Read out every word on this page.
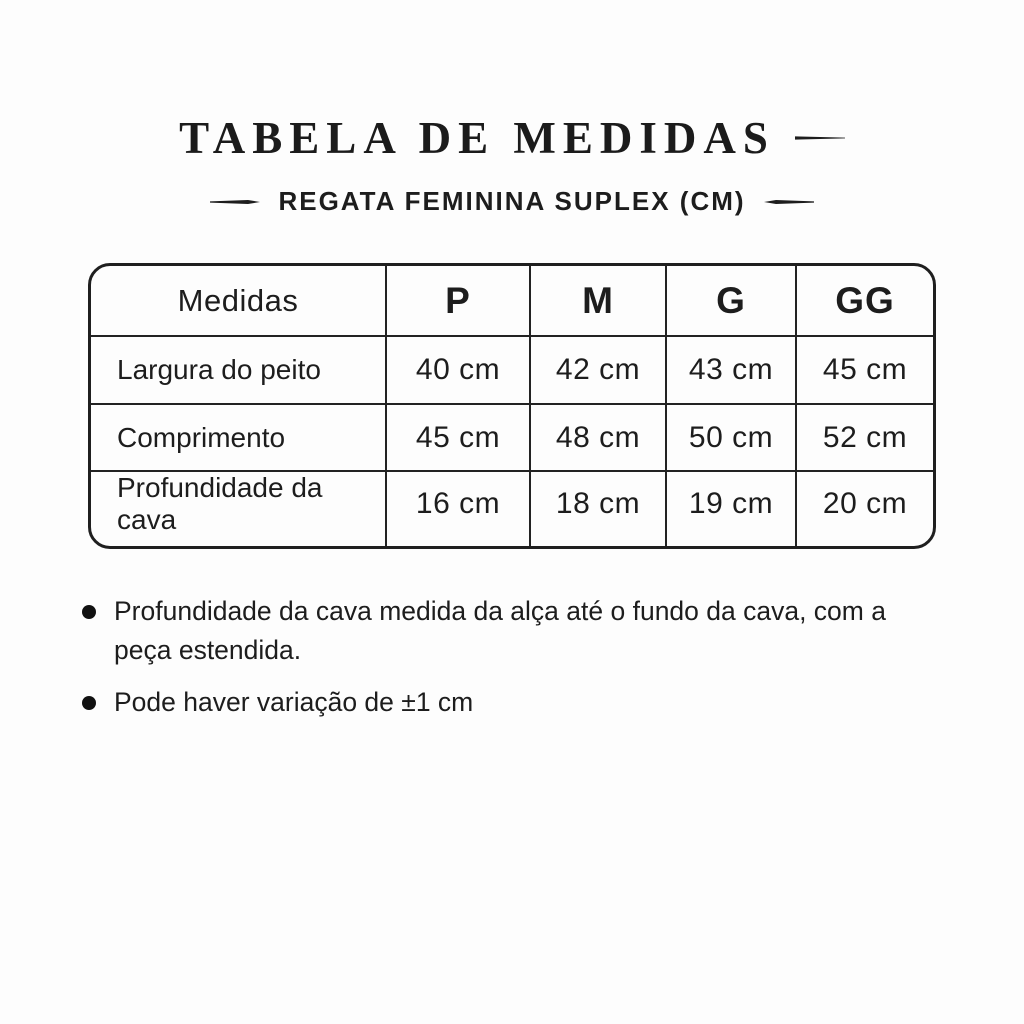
TABELA DE MEDIDAS
REGATA FEMININA SUPLEX (CM)
Medidas	P	M	G GG
Largura do peito	40 cm 42 cm 43 cm 45 cm
Comprimento	45 cm 48 cm 50 cm 52 cm
Profundidade da cava	16 cm 18 cm 19 cm 20 cm
Profundidade da cava medida da alça até o fundo da cava, com a peça estendida.
Pode haver variação de ±1 cm
